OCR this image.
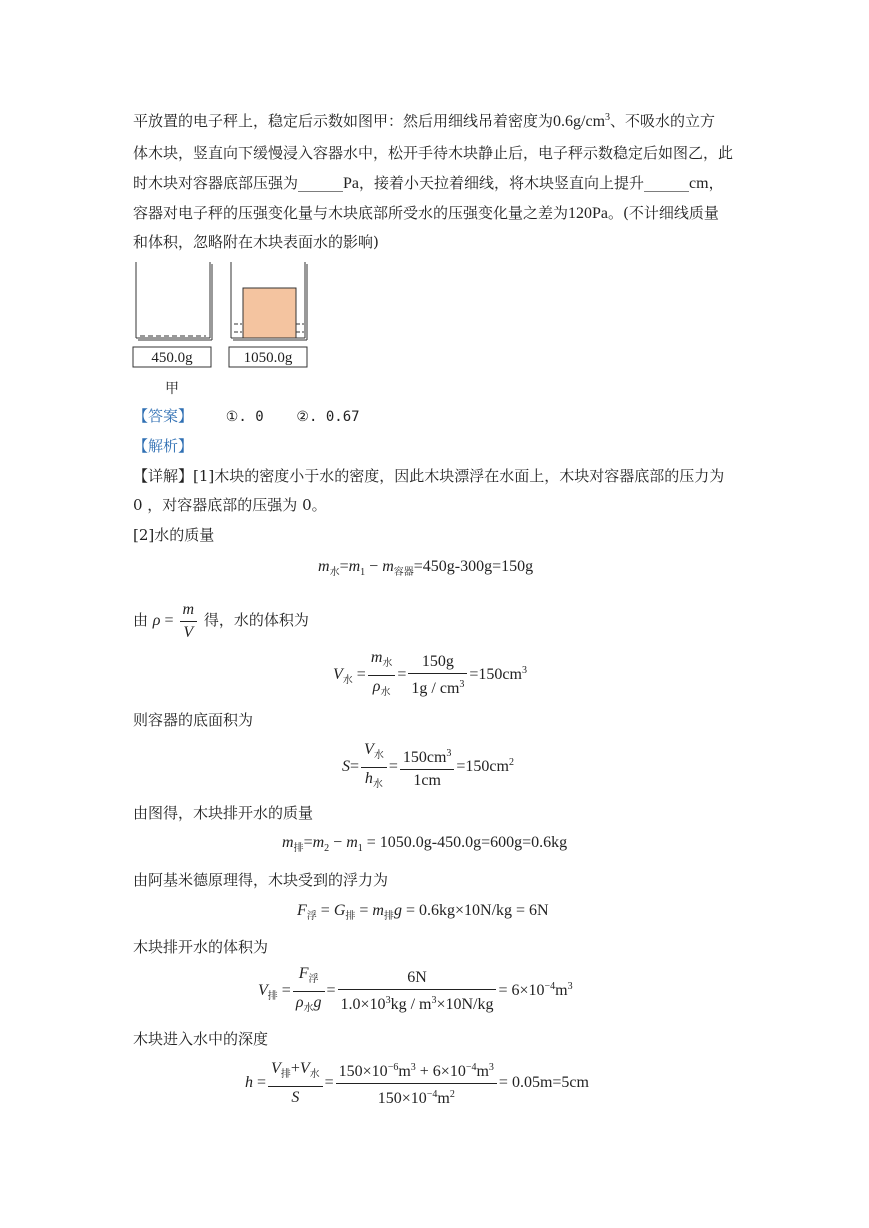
平放置的电子秤上，稳定后示数如图甲：然后用细线吊着密度为$0.6g/cm^3$、不吸水的立方
体木块，竖直向下缓慢浸入容器水中，松开手待木块静止后，电子秤示数稳定后如图乙，此
时木块对容器底部压强为______Pa，接着小天拉着细线，将木块竖直向上提升______cm，
容器对电子秤的压强变化量与木块底部所受水的压强变化量之差为120Pa。(不计细线质量
和体积，忽略附在木块表面水的影响)
450.0g
甲
1050.0g
【答案】 ①. 0 ②. 0.67
【解析】
【详解】[1]木块的密度小于水的密度，因此木块漂浮在水面上，木块对容器底部的压力为
0 ，对容器底部的压强为 0。
[2]水的质量
$m_水=m_1 - m_{容器}=450g-300g=150g$
由 $\rho = \frac{m}{V}$ 得，水的体积为
$V_水 = \frac{m_水}{\rho_水} = \frac{150g}{1g / cm^3} =150cm^3$
则容器的底面积为
$S= \frac{V_水}{h_水} = \frac{150cm^3}{1cm} =150cm^2$
由图得，木块排开水的质量
$m_排=m_2 - m_1 = 1050.0g-450.0g=600g=0.6kg$
由阿基米德原理得，木块受到的浮力为
$F_浮 = G_排 = m_排g = 0.6kg\times 10N/kg = 6N$
木块排开水的体积为
$V_排 = \frac{F_浮}{\rho_水g} = \frac{6N}{1.0\times 10^3kg / m^3\times 10N/kg} = 6\times 10^{-4}m^3$
木块进入水中的深度
$h = \frac{V_排+V_水}{S} = \frac{150\times 10^{-6}m^3 + 6\times 10^{-4}m^3}{150\times 10^{-4}m^2} = 0.05m=5cm$
